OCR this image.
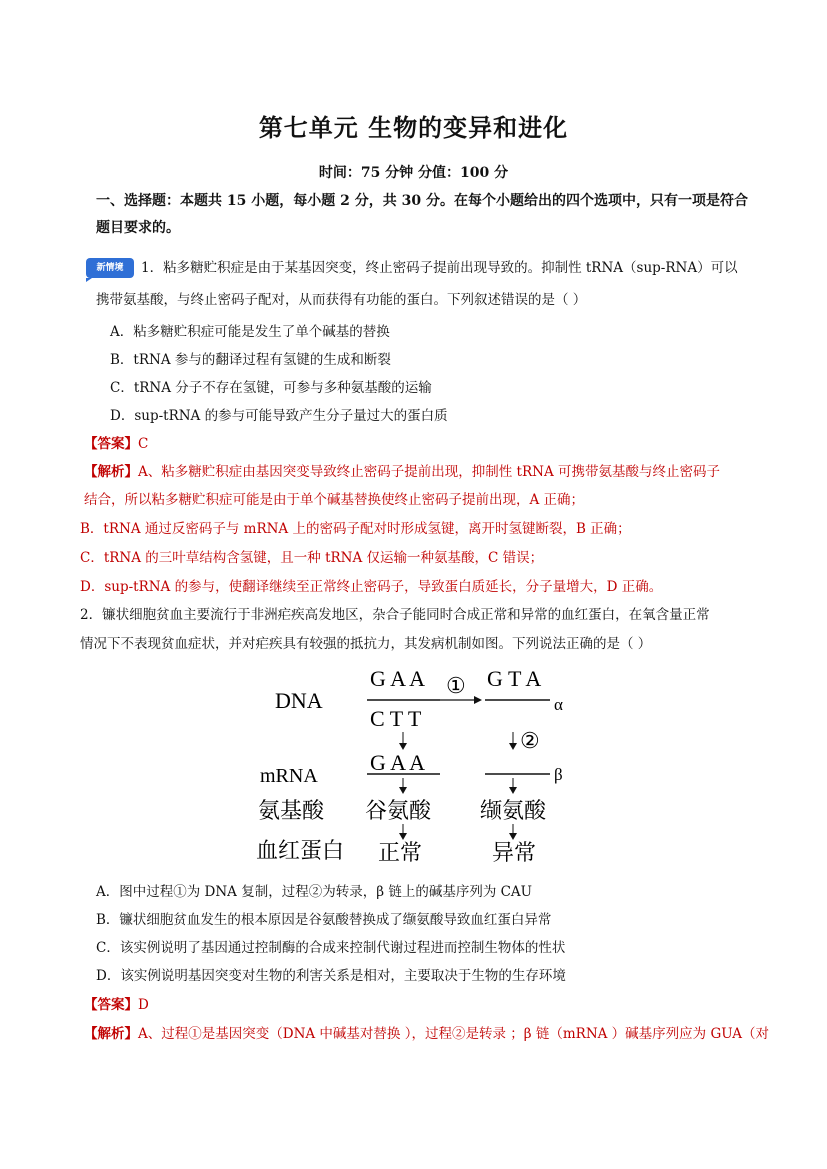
第七单元 生物的变异和进化
时间：75 分钟 分值：100 分
一、选择题：本题共 15 小题，每小题 2 分，共 30 分。在每个小题给出的四个选项中，只有一项是符合
题目要求的。
新情境	1．粘多糖贮积症是由于某基因突变，终止密码子提前出现导致的。抑制性 tRNA（sup-RNA）可以
携带氨基酸，与终止密码子配对，从而获得有功能的蛋白。下列叙述错误的是（ ）
A．粘多糖贮积症可能是发生了单个碱基的替换
B．tRNA 参与的翻译过程有氢键的生成和断裂
C．tRNA 分子不存在氢键，可参与多种氨基酸的运输
D．sup-tRNA 的参与可能导致产生分子量过大的蛋白质
【答案】C
【解析】A、粘多糖贮积症由基因突变导致终止密码子提前出现，抑制性 tRNA 可携带氨基酸与终止密码子
结合，所以粘多糖贮积症可能是由于单个碱基替换使终止密码子提前出现，A 正确；
B．tRNA 通过反密码子与 mRNA 上的密码子配对时形成氢键，离开时氢键断裂，B 正确；
C．tRNA 的三叶草结构含氢键，且一种 tRNA 仅运输一种氨基酸，C 错误；
D．sup-tRNA 的参与，使翻译继续至正常终止密码子，导致蛋白质延长，分子量增大，D 正确。
2．镰状细胞贫血主要流行于非洲疟疾高发地区，杂合子能同时合成正常和异常的血红蛋白，在氧含量正常
情况下不表现贫血症状，并对疟疾具有较强的抵抗力，其发病机制如图。下列说法正确的是（ ）
DNA
mRNA
氨基酸
血红蛋白
G A A
C T T
① G T A
α
②
G A A	β
谷氨酸 缬氨酸
正常	异常
A．图中过程①为 DNA 复制，过程②为转录，β 链上的碱基序列为 CAU
B．镰状细胞贫血发生的根本原因是谷氨酸替换成了缬氨酸导致血红蛋白异常
C．该实例说明了基因通过控制酶的合成来控制代谢过程进而控制生物体的性状
D．该实例说明基因突变对生物的利害关系是相对，主要取决于生物的生存环境
【答案】D
【解析】A、过程①是基因突变（DNA 中碱基对替换 ），过程②是转录 ；β 链（mRNA ）碱基序列应为 GUA（对
